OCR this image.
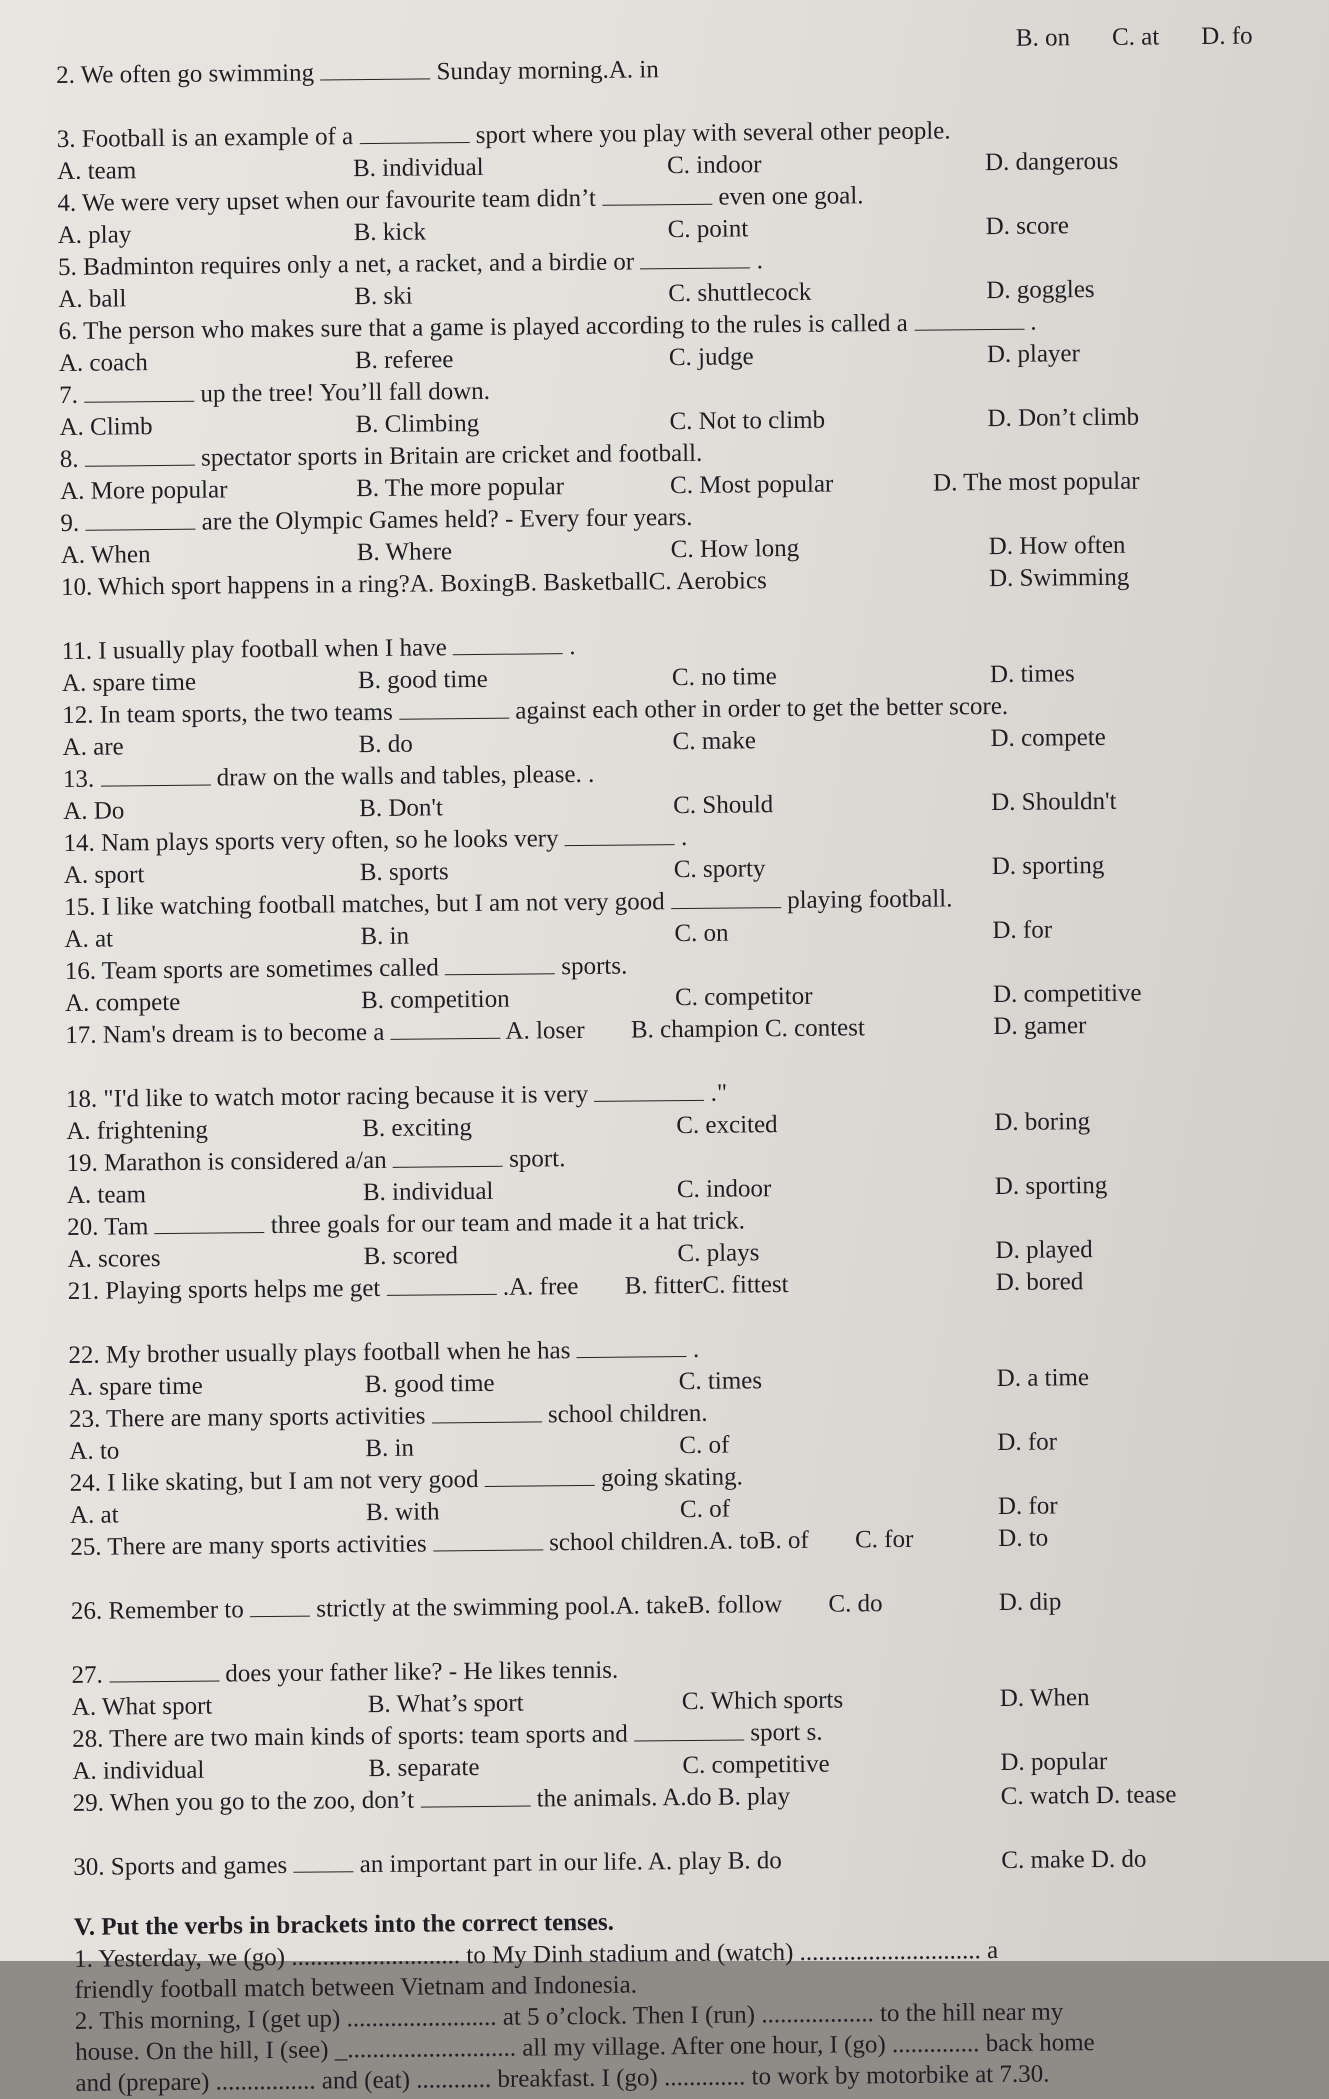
2. We often go swimming	Sunday morning.A. in
B. on C. at D. fo
3. Football is an example of a	sport where you play with several other people.
A. team	B. individual	C. indoor	D. dangerous
4. We were very upset when our favourite team didn’t	even one goal.
A. play	B. kick	C. point	D. score
5. Badminton requires only a net, a racket, and a birdie or	.
A. ball	B. ski	C. shuttlecock	D. goggles
6. The person who makes sure that a game is played according to the rules is called a	.
A. coach	B. referee	C. judge	D. player
7.	up the tree! You’ll fall down.
A. Climb	B. Climbing	C. Not to climb	D. Don’t climb
8.	spectator sports in Britain are cricket and football.
A. More popular	B. The more popular	C. Most popular	D. The most popular
9.	are the Olympic Games held? - Every four years.
A. When	B. Where	C. How long	D. How often
10. Which sport happens in a ring?A. BoxingB. BasketballC. Aerobics	D. Swimming
11. I usually play football when I have	.
A. spare time	B. good time	C. no time	D. times
12. In team sports, the two teams	against each other in order to get the better score.
A. are	B. do	C. make	D. compete
13.	draw on the walls and tables, please. .
A. Do	B. Don't	C. Should	D. Shouldn't
14. Nam plays sports very often, so he looks very	.
A. sport	B. sports	C. sporty	D. sporting
15. I like watching football matches, but I am not very good	playing football.
A. at	B. in	C. on	D. for
16. Team sports are sometimes called	sports.
A. compete	B. competition	C. competitor	D. competitive
17. Nam's dream is to become a	A. loser B. champion C. contest	D. gamer
18. "I'd like to watch motor racing because it is very	."
A. frightening	B. exciting	C. excited	D. boring
19. Marathon is considered a/an	sport.
A. team	B. individual	C. indoor	D. sporting
20. Tam	three goals for our team and made it a hat trick.
A. scores	B. scored	C. plays	D. played
21. Playing sports helps me get	.A. free B. fitterC. fittest	D. bored
22. My brother usually plays football when he has	.
A. spare time	B. good time	C. times	D. a time
23. There are many sports activities	school children.
A. to	B. in	C. of	D. for
24. I like skating, but I am not very good	going skating.
A. at	B. with	C. of	D. for
25. There are many sports activities	school children.A. toB. of C. for	D. to
26. Remember to	strictly at the swimming pool.A. takeB. follow C. do	D. dip
27.	does your father like? - He likes tennis.
A. What sport	B. What’s sport	C. Which sports	D. When
28. There are two main kinds of sports: team sports and	sport s.
A. individual	B. separate	C. competitive	D. popular
29. When you go to the zoo, don’t	the animals. A.do B. play	C. watch D. tease
30. Sports and games	an important part in our life. A. play B. do	C. make D. do
V. Put the verbs in brackets into the correct tenses.
1. Yesterday, we (go) ........................... to My Dinh stadium and (watch) ............................. a
friendly football match between Vietnam and Indonesia.
2. This morning, I (get up) ........................ at 5 o’clock. Then I (run) .................. to the hill near my
house. On the hill, I (see) _........................... all my village. After one hour, I (go) .............. back home
and (prepare) ................ and (eat) ............ breakfast. I (go) ............. to work by motorbike at 7.30.
